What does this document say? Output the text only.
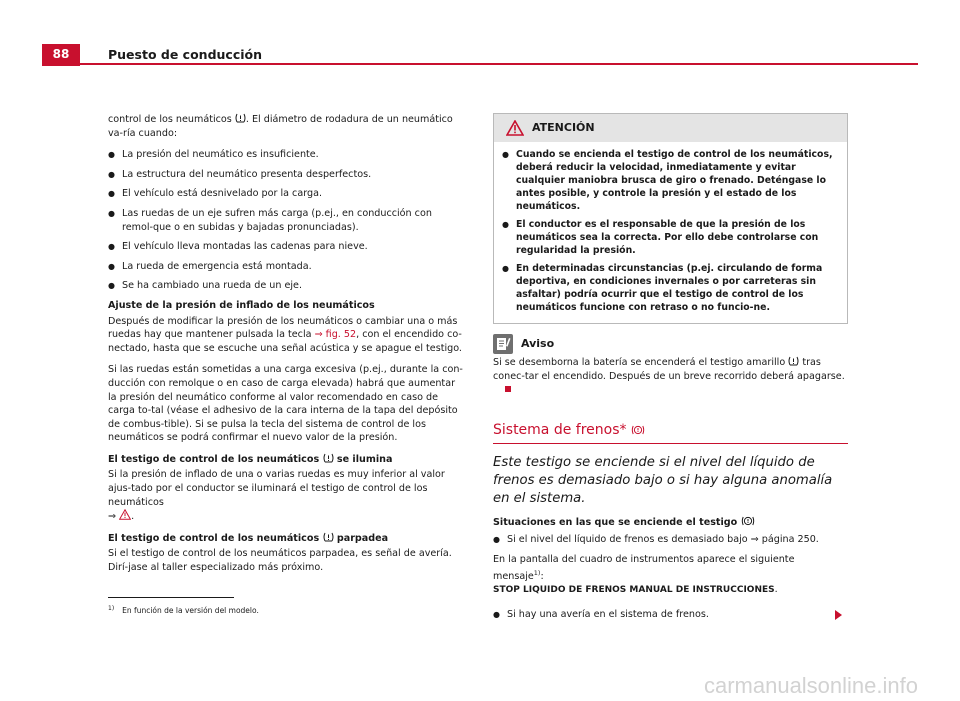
88	Puesto de conducción

control de los neumáticos . El diámetro de rodadura de un neumático va-ría cuando:

● La presión del neumático es insuficiente.
● La estructura del neumático presenta desperfectos.
● El vehículo está desnivelado por la carga.
● Las ruedas de un eje sufren más carga (p.ej., en conducción con remol-que o en subidas y bajadas pronunciadas).
● El vehículo lleva montadas las cadenas para nieve.
● La rueda de emergencia está montada.
● Se ha cambiado una rueda de un eje.
Ajuste de la presión de inflado de los neumáticos

Después de modificar la presión de los neumáticos o cambiar una o más ruedas hay que mantener pulsada la tecla ⇒ fig. 52, con el encendido co-nectado, hasta que se escuche una señal acústica y se apague el testigo.

Si las ruedas están sometidas a una carga excesiva (p.ej., durante la con-ducción con remolque o en caso de carga elevada) habrá que aumentar la presión del neumático conforme al valor recomendado en caso de carga to-tal (véase el adhesivo de la cara interna de la tapa del depósito de combus-tible). Si se pulsa la tecla del sistema de control de los neumáticos se podrá confirmar el nuevo valor de la presión.

El testigo de control de los neumáticos se ilumina

Si la presión de inflado de una o varias ruedas es muy inferior al valor ajus-tado por el conductor se iluminará el testigo de control de los neumáticos
⇒ .

El testigo de control de los neumáticos parpadea

Si el testigo de control de los neumáticos parpadea, es señal de avería. Dirí-jase al taller especializado más próximo.

ATENCIÓN
● Cuando se encienda el testigo de control de los neumáticos, deberá reducir la velocidad, inmediatamente y evitar cualquier maniobra brusca de giro o frenado. Deténgase lo antes posible, y controle la presión y el estado de los neumáticos.
● El conductor es el responsable de que la presión de los neumáticos sea la correcta. Por ello debe controlarse con regularidad la presión.
● En determinadas circunstancias (p.ej. circulando de forma deportiva, en condiciones invernales o por carreteras sin asfaltar) podría ocurrir que el testigo de control de los neumáticos funcione con retraso o no funcio-ne.
Aviso

Si se desemborna la batería se encenderá el testigo amarillo tras conec-tar el encendido. Después de un breve recorrido deberá apagarse.

Sistema de frenos*
Este testigo se enciende si el nivel del líquido de frenos es demasiado bajo o si hay alguna anomalía en el sistema.
Situaciones en las que se enciende el testigo
● Si el nivel del líquido de frenos es demasiado bajo ⇒ página 250.

En la pantalla del cuadro de instrumentos aparece el siguiente mensaje$^{1)}$:
STOP LIQUIDO DE FRENOS MANUAL DE INSTRUCCIONES.

● Si hay una avería en el sistema de frenos.
$^{1)}$ En función de la versión del modelo.
carmanualsonline.info
